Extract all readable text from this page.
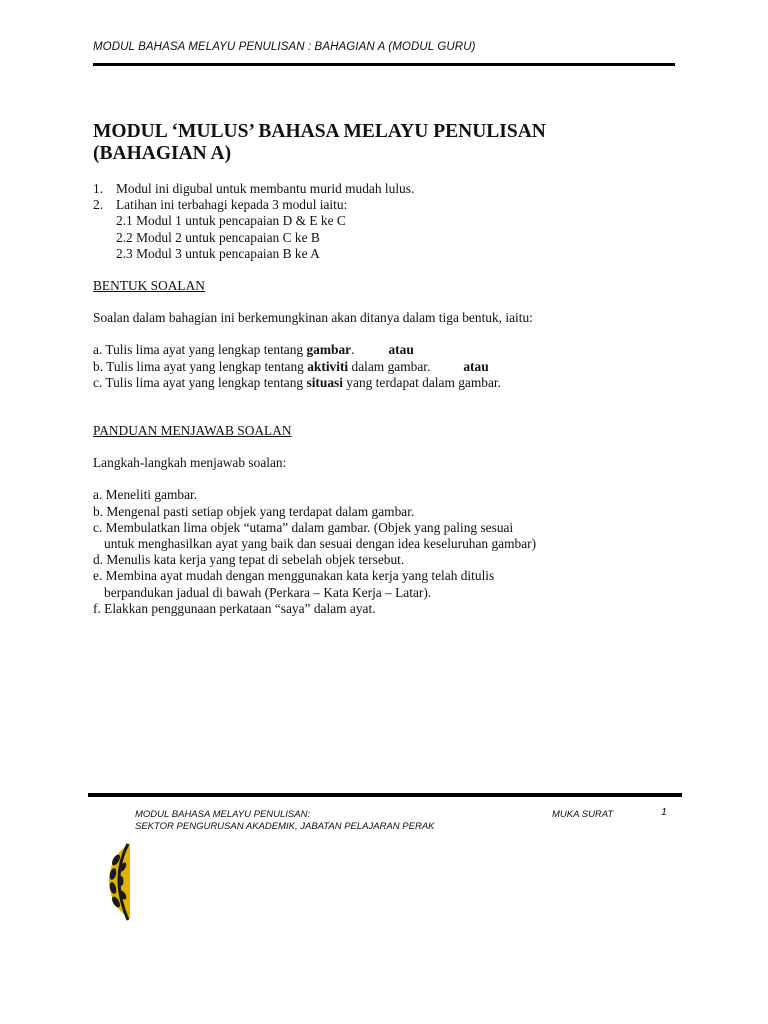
MODUL BAHASA MELAYU PENULISAN : BAHAGIAN A (MODUL GURU)
MODUL ‘MULUS’ BAHASA MELAYU PENULISAN
(BAHAGIAN A)
1. Modul ini digubal untuk membantu murid mudah lulus.
2. Latihan ini terbahagi kepada 3 modul iaitu:

2.1 Modul 1 untuk pencapaian D & E ke C

2.2 Modul 2 untuk pencapaian C ke B

2.3 Modul 3 untuk pencapaian B ke A

BENTUK SOALAN

Soalan dalam bahagian ini berkemungkinan akan ditanya dalam tiga bentuk, iaitu:

a. Tulis lima ayat yang lengkap tentang gambar.	atau

b. Tulis lima ayat yang lengkap tentang aktiviti dalam gambar. atau

c. Tulis lima ayat yang lengkap tentang situasi yang terdapat dalam gambar.

PANDUAN MENJAWAB SOALAN

Langkah-langkah menjawab soalan:

a. Meneliti gambar.

b. Mengenal pasti setiap objek yang terdapat dalam gambar.

c. Membulatkan lima objek “utama” dalam gambar. (Objek yang paling sesuai

untuk menghasilkan ayat yang baik dan sesuai dengan idea keseluruhan gambar)

d. Menulis kata kerja yang tepat di sebelah objek tersebut.

e. Membina ayat mudah dengan menggunakan kata kerja yang telah ditulis

berpandukan jadual di bawah (Perkara – Kata Kerja – Latar).

f. Elakkan penggunaan perkataan “saya” dalam ayat.

MODUL BAHASA MELAYU PENULISAN:
SEKTOR PENGURUSAN AKADEMIK, JABATAN PELAJARAN PERAK
MUKA SURAT	1
